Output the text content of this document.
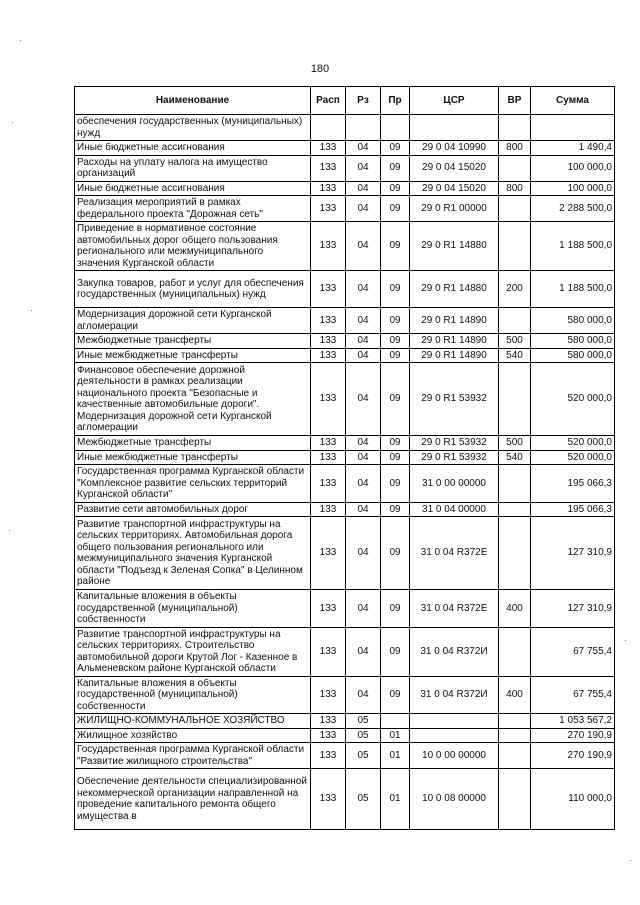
180
Наименование	Расп	Рз	Пр	ЦСР	ВР	Сумма
обеспечения государственных (муниципальных) нужд						
Иные бюджетные ассигнования	133	04	09	29 0 04 10990	800	1 490,4
Расходы на уплату налога на имущество организаций	133	04	09	29 0 04 15020		100 000,0
Иные бюджетные ассигнования	133	04	09	29 0 04 15020	800	100 000,0
Реализация мероприятий в рамках федерального проекта "Дорожная сеть"	133	04	09	29 0 R1 00000		2 288 500,0
Приведение в нормативное состояние автомобильных дорог общего пользования регионального или межмуниципального значения Курганской области	133	04	09	29 0 R1 14880		1 188 500,0
Закупка товаров, работ и услуг для обеспечения государственных (муниципальных) нужд	133	04	09	29 0 R1 14880	200	1 188 500,0
Модернизация дорожной сети Курганской агломерации	133	04	09	29 0 R1 14890		580 000,0
Межбюджетные трансферты	133	04	09	29 0 R1 14890	500	580 000,0
Иные межбюджетные трансферты	133	04	09	29 0 R1 14890	540	580 000,0
Финансовое обеспечение дорожной деятельности в рамках реализации национального проекта "Безопасные и качественные автомобильные дороги". Модернизация дорожной сети Курганской агломерации	133	04	09	29 0 R1 53932		520 000,0
Межбюджетные трансферты	133	04	09	29 0 R1 53932	500	520 000,0
Иные межбюджетные трансферты	133	04	09	29 0 R1 53932	540	520 000,0
Государственная программа Курганской области "Комплексное развитие сельских территорий Курганской области"	133	04	09	31 0 00 00000		195 066,3
Развитие сети автомобильных дорог	133	04	09	31 0 04 00000		195 066,3
Развитие транспортной инфраструктуры на сельских территориях. Автомобильная дорога общего пользования регионального или межмуниципального значения Курганской области "Подъезд к Зеленая Сопка" в Целинном районе	133	04	09	31 0 04 R372Е		127 310,9
Капитальные вложения в объекты государственной (муниципальной) собственности	133	04	09	31 0 04 R372Е	400	127 310,9
Развитие транспортной инфраструктуры на сельских территориях. Строительство автомобильной дороги Крутой Лог - Казенное в Альменевском районе Курганской области	133	04	09	31 0 04 R372И		67 755,4
Капитальные вложения в объекты государственной (муниципальной) собственности	133	04	09	31 0 04 R372И	400	67 755,4
ЖИЛИЩНО-КОММУНАЛЬНОЕ ХОЗЯЙСТВО	133	05				1 053 567,2
Жилищное хозяйство	133	05	01			270 190,9
Государственная программа Курганской области "Развитие жилищного строительства"	133	05	01	10 0 00 00000		270 190,9
Обеспечение деятельности специализированной некоммерческой организации направленной на проведение капитального ремонта общего имущества в	133	05	01	10 0 08 00000		110 000,0
